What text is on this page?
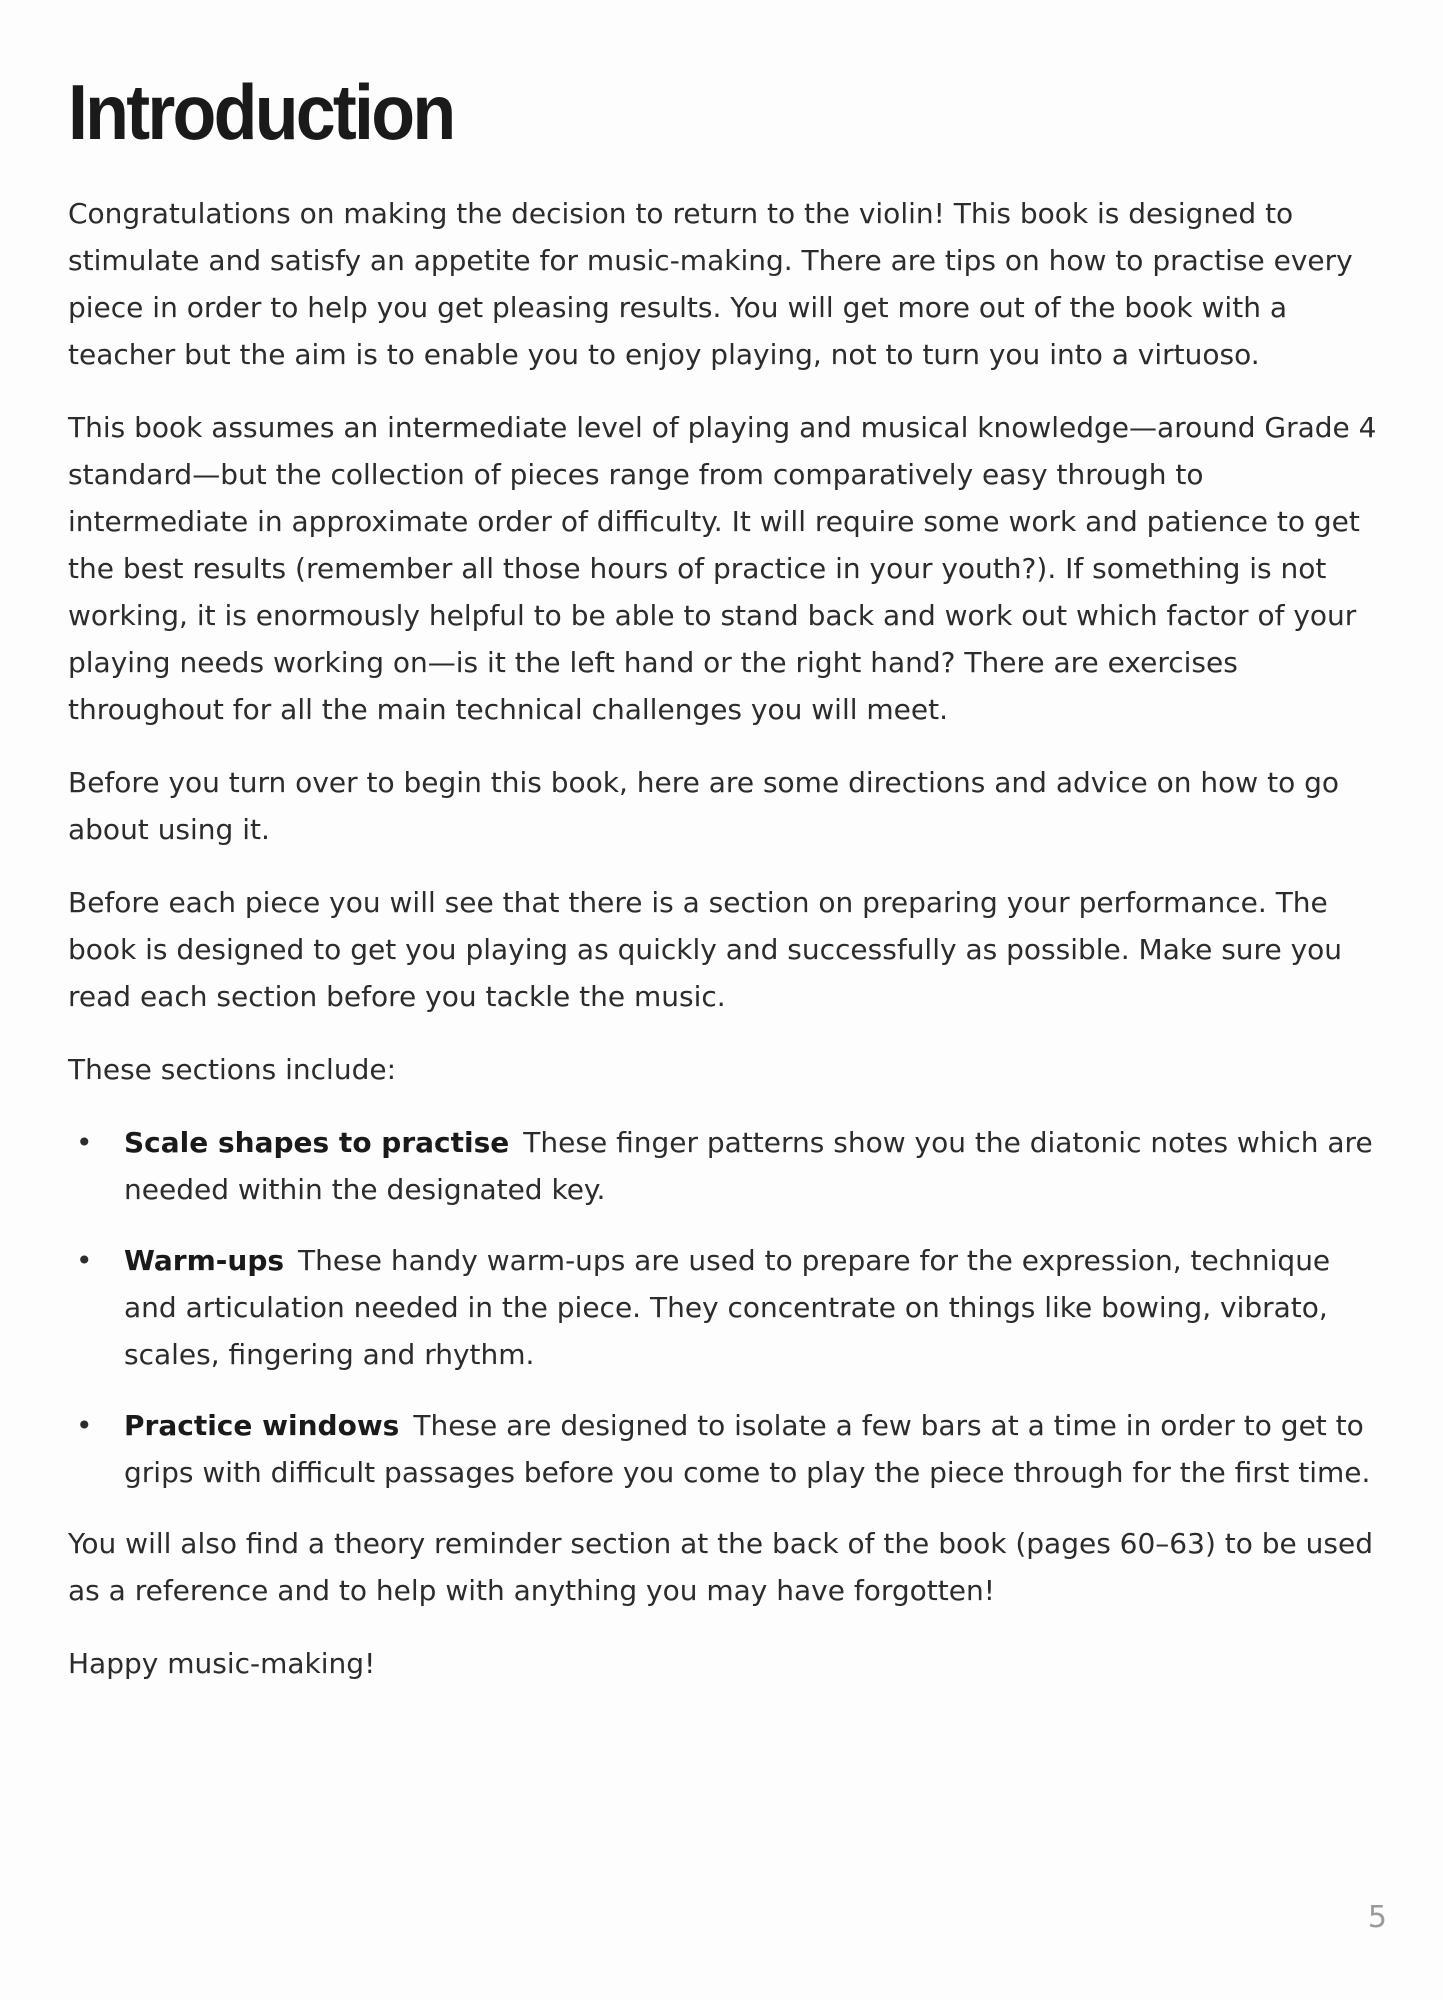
Introduction

Congratulations on making the decision to return to the violin! This book is designed to stimulate and satisfy an appetite for music-making. There are tips on how to practise every piece in order to help you get pleasing results. You will get more out of the book with a teacher but the aim is to enable you to enjoy playing, not to turn you into a virtuoso.

This book assumes an intermediate level of playing and musical knowledge—around Grade 4 standard—but the collection of pieces range from comparatively easy through to intermediate in approximate order of difficulty. It will require some work and patience to get the best results (remember all those hours of practice in your youth?). If something is not working, it is enormously helpful to be able to stand back and work out which factor of your playing needs working on—is it the left hand or the right hand? There are exercises throughout for all the main technical challenges you will meet.

Before you turn over to begin this book, here are some directions and advice on how to go about using it.

Before each piece you will see that there is a section on preparing your performance. The book is designed to get you playing as quickly and successfully as possible. Make sure you read each section before you tackle the music.

These sections include:

• Scale shapes to practise These finger patterns show you the diatonic notes which are needed within the designated key.
• Warm-ups These handy warm-ups are used to prepare for the expression, technique and articulation needed in the piece. They concentrate on things like bowing, vibrato, scales, fingering and rhythm.
• Practice windows These are designed to isolate a few bars at a time in order to get to grips with difficult passages before you come to play the piece through for the first time.

You will also find a theory reminder section at the back of the book (pages 60–63) to be used as a reference and to help with anything you may have forgotten!

Happy music-making!

5
